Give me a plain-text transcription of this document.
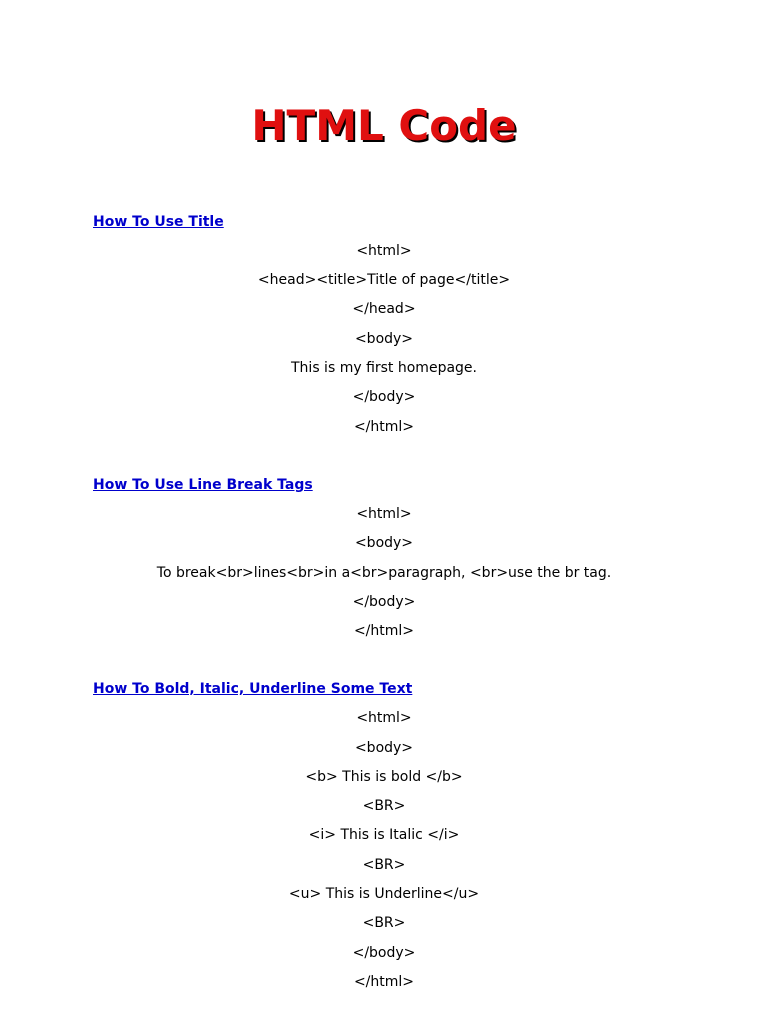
HTML Code
How To Use Title
<html>
<head><title>Title of page</title>
</head>
<body>
This is my first homepage.
</body>
</html>
How To Use Line Break Tags
<html>
<body>
To break<br>lines<br>in a<br>paragraph, <br>use the br tag.
</body>
</html>
How To Bold, Italic, Underline Some Text
<html>
<body>
<b> This is bold </b>
<BR>
<i> This is Italic </i>
<BR>
<u> This is Underline</u>
<BR>
</body>
</html>
